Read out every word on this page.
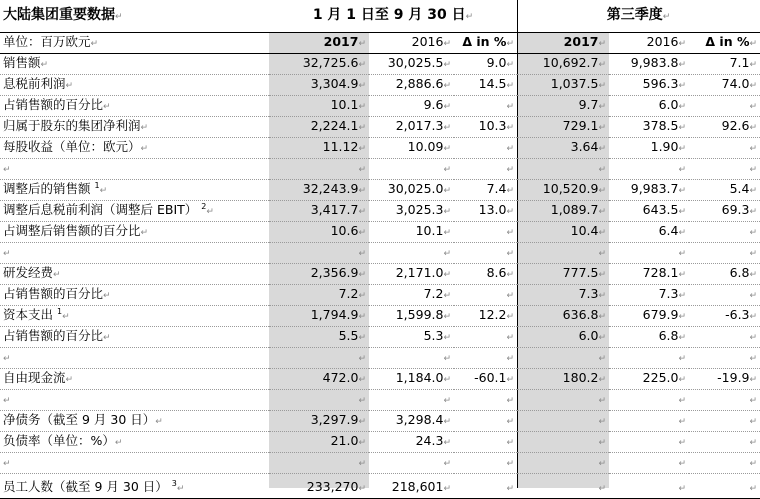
大陆集团重要数据↵	1 月 1 日至 9 月 30 日↵			第三季度↵		
单位：百万欧元↵	2017↵	2016↵	Δ in %↵	2017↵	2016↵	Δ in %↵
销售额↵	32,725.6↵	30,025.5↵	9.0↵	10,692.7↵	9,983.8↵	7.1↵
息税前利润↵	3,304.9↵	2,886.6↵	14.5↵	1,037.5↵	596.3↵	74.0↵
占销售额的百分比↵	10.1↵	9.6↵	↵	9.7↵	6.0↵	↵
归属于股东的集团净利润↵	2,224.1↵	2,017.3↵	10.3↵	729.1↵	378.5↵	92.6↵
每股收益（单位：欧元）↵	11.12↵	10.09↵	↵	3.64↵	1.90↵	↵
↵	↵	↵	↵	↵	↵	↵
调整后的销售额 $^1$↵	32,243.9↵	30,025.0↵	7.4↵	10,520.9↵	9,983.7↵	5.4↵
调整后息税前利润（调整后 EBIT） $^2$↵	3,417.7↵	3,025.3↵	13.0↵	1,089.7↵	643.5↵	69.3↵
占调整后销售额的百分比↵	10.6↵	10.1↵	↵	10.4↵	6.4↵	↵
↵	↵	↵	↵	↵	↵	↵
研发经费↵	2,356.9↵	2,171.0↵	8.6↵	777.5↵	728.1↵	6.8↵
占销售额的百分比↵	7.2↵	7.2↵	↵	7.3↵	7.3↵	↵
资本支出 $^1$↵	1,794.9↵	1,599.8↵	12.2↵	636.8↵	679.9↵	-6.3↵
占销售额的百分比↵	5.5↵	5.3↵	↵	6.0↵	6.8↵	↵
↵	↵	↵	↵	↵	↵	↵
自由现金流↵	472.0↵	1,184.0↵	-60.1↵	180.2↵	225.0↵	-19.9↵
↵	↵	↵	↵	↵	↵	↵
净债务（截至 9 月 30 日）↵	3,297.9↵	3,298.4↵	↵	↵	↵	↵
负债率（单位：%）↵	21.0↵	24.3↵	↵	↵	↵	↵
↵	↵	↵	↵	↵	↵	↵
员工人数（截至 9 月 30 日） $^3$↵	233,270↵	218,601↵	↵	↵	↵	↵
